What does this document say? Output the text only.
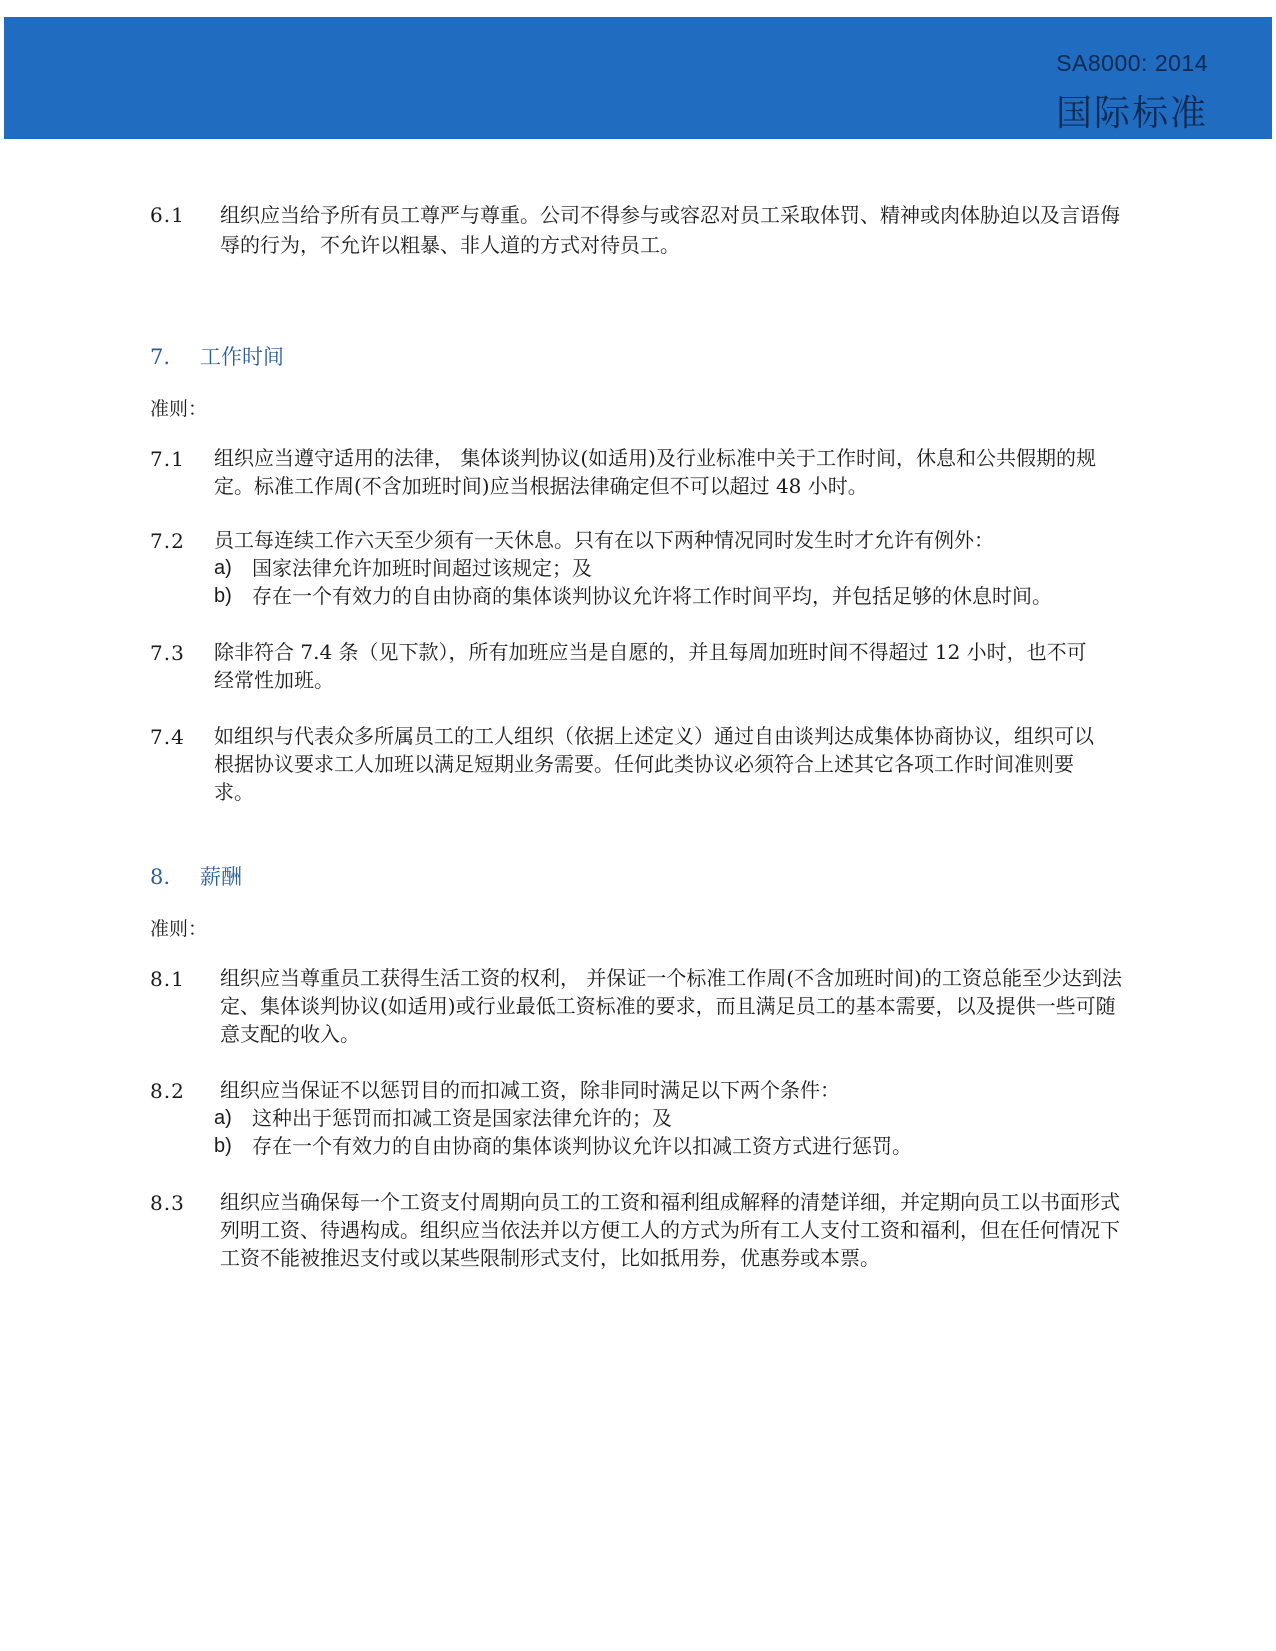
SA8000: 2014
国际标准
6.1	组织应当给予所有员工尊严与尊重。公司不得参与或容忍对员工采取体罚、精神或肉体胁迫以及言语侮辱的行为，不允许以粗暴、非人道的方式对待员工。
7.	工作时间
准则：
7.1	组织应当遵守适用的法律， 集体谈判协议(如适用)及行业标准中关于工作时间，休息和公共假期的规定。标准工作周(不含加班时间)应当根据法律确定但不可以超过 48 小时。
7.2	员工每连续工作六天至少须有一天休息。只有在以下两种情况同时发生时才允许有例外：
a)	国家法律允许加班时间超过该规定；及
b)	存在一个有效力的自由协商的集体谈判协议允许将工作时间平均，并包括足够的休息时间。
7.3	除非符合 7.4 条（见下款），所有加班应当是自愿的，并且每周加班时间不得超过 12 小时，也不可经常性加班。
7.4	如组织与代表众多所属员工的工人组织（依据上述定义）通过自由谈判达成集体协商协议，组织可以根据协议要求工人加班以满足短期业务需要。任何此类协议必须符合上述其它各项工作时间准则要求。
8.	薪酬
准则：
8.1	组织应当尊重员工获得生活工资的权利， 并保证一个标准工作周(不含加班时间)的工资总能至少达到法定、集体谈判协议(如适用)或行业最低工资标准的要求，而且满足员工的基本需要，以及提供一些可随意支配的收入。
8.2	组织应当保证不以惩罚目的而扣减工资，除非同时满足以下两个条件：
a)	这种出于惩罚而扣减工资是国家法律允许的；及
b)	存在一个有效力的自由协商的集体谈判协议允许以扣减工资方式进行惩罚。
8.3	组织应当确保每一个工资支付周期向员工的工资和福利组成解释的清楚详细，并定期向员工以书面形式列明工资、待遇构成。组织应当依法并以方便工人的方式为所有工人支付工资和福利，但在任何情况下工资不能被推迟支付或以某些限制形式支付，比如抵用券，优惠券或本票。
